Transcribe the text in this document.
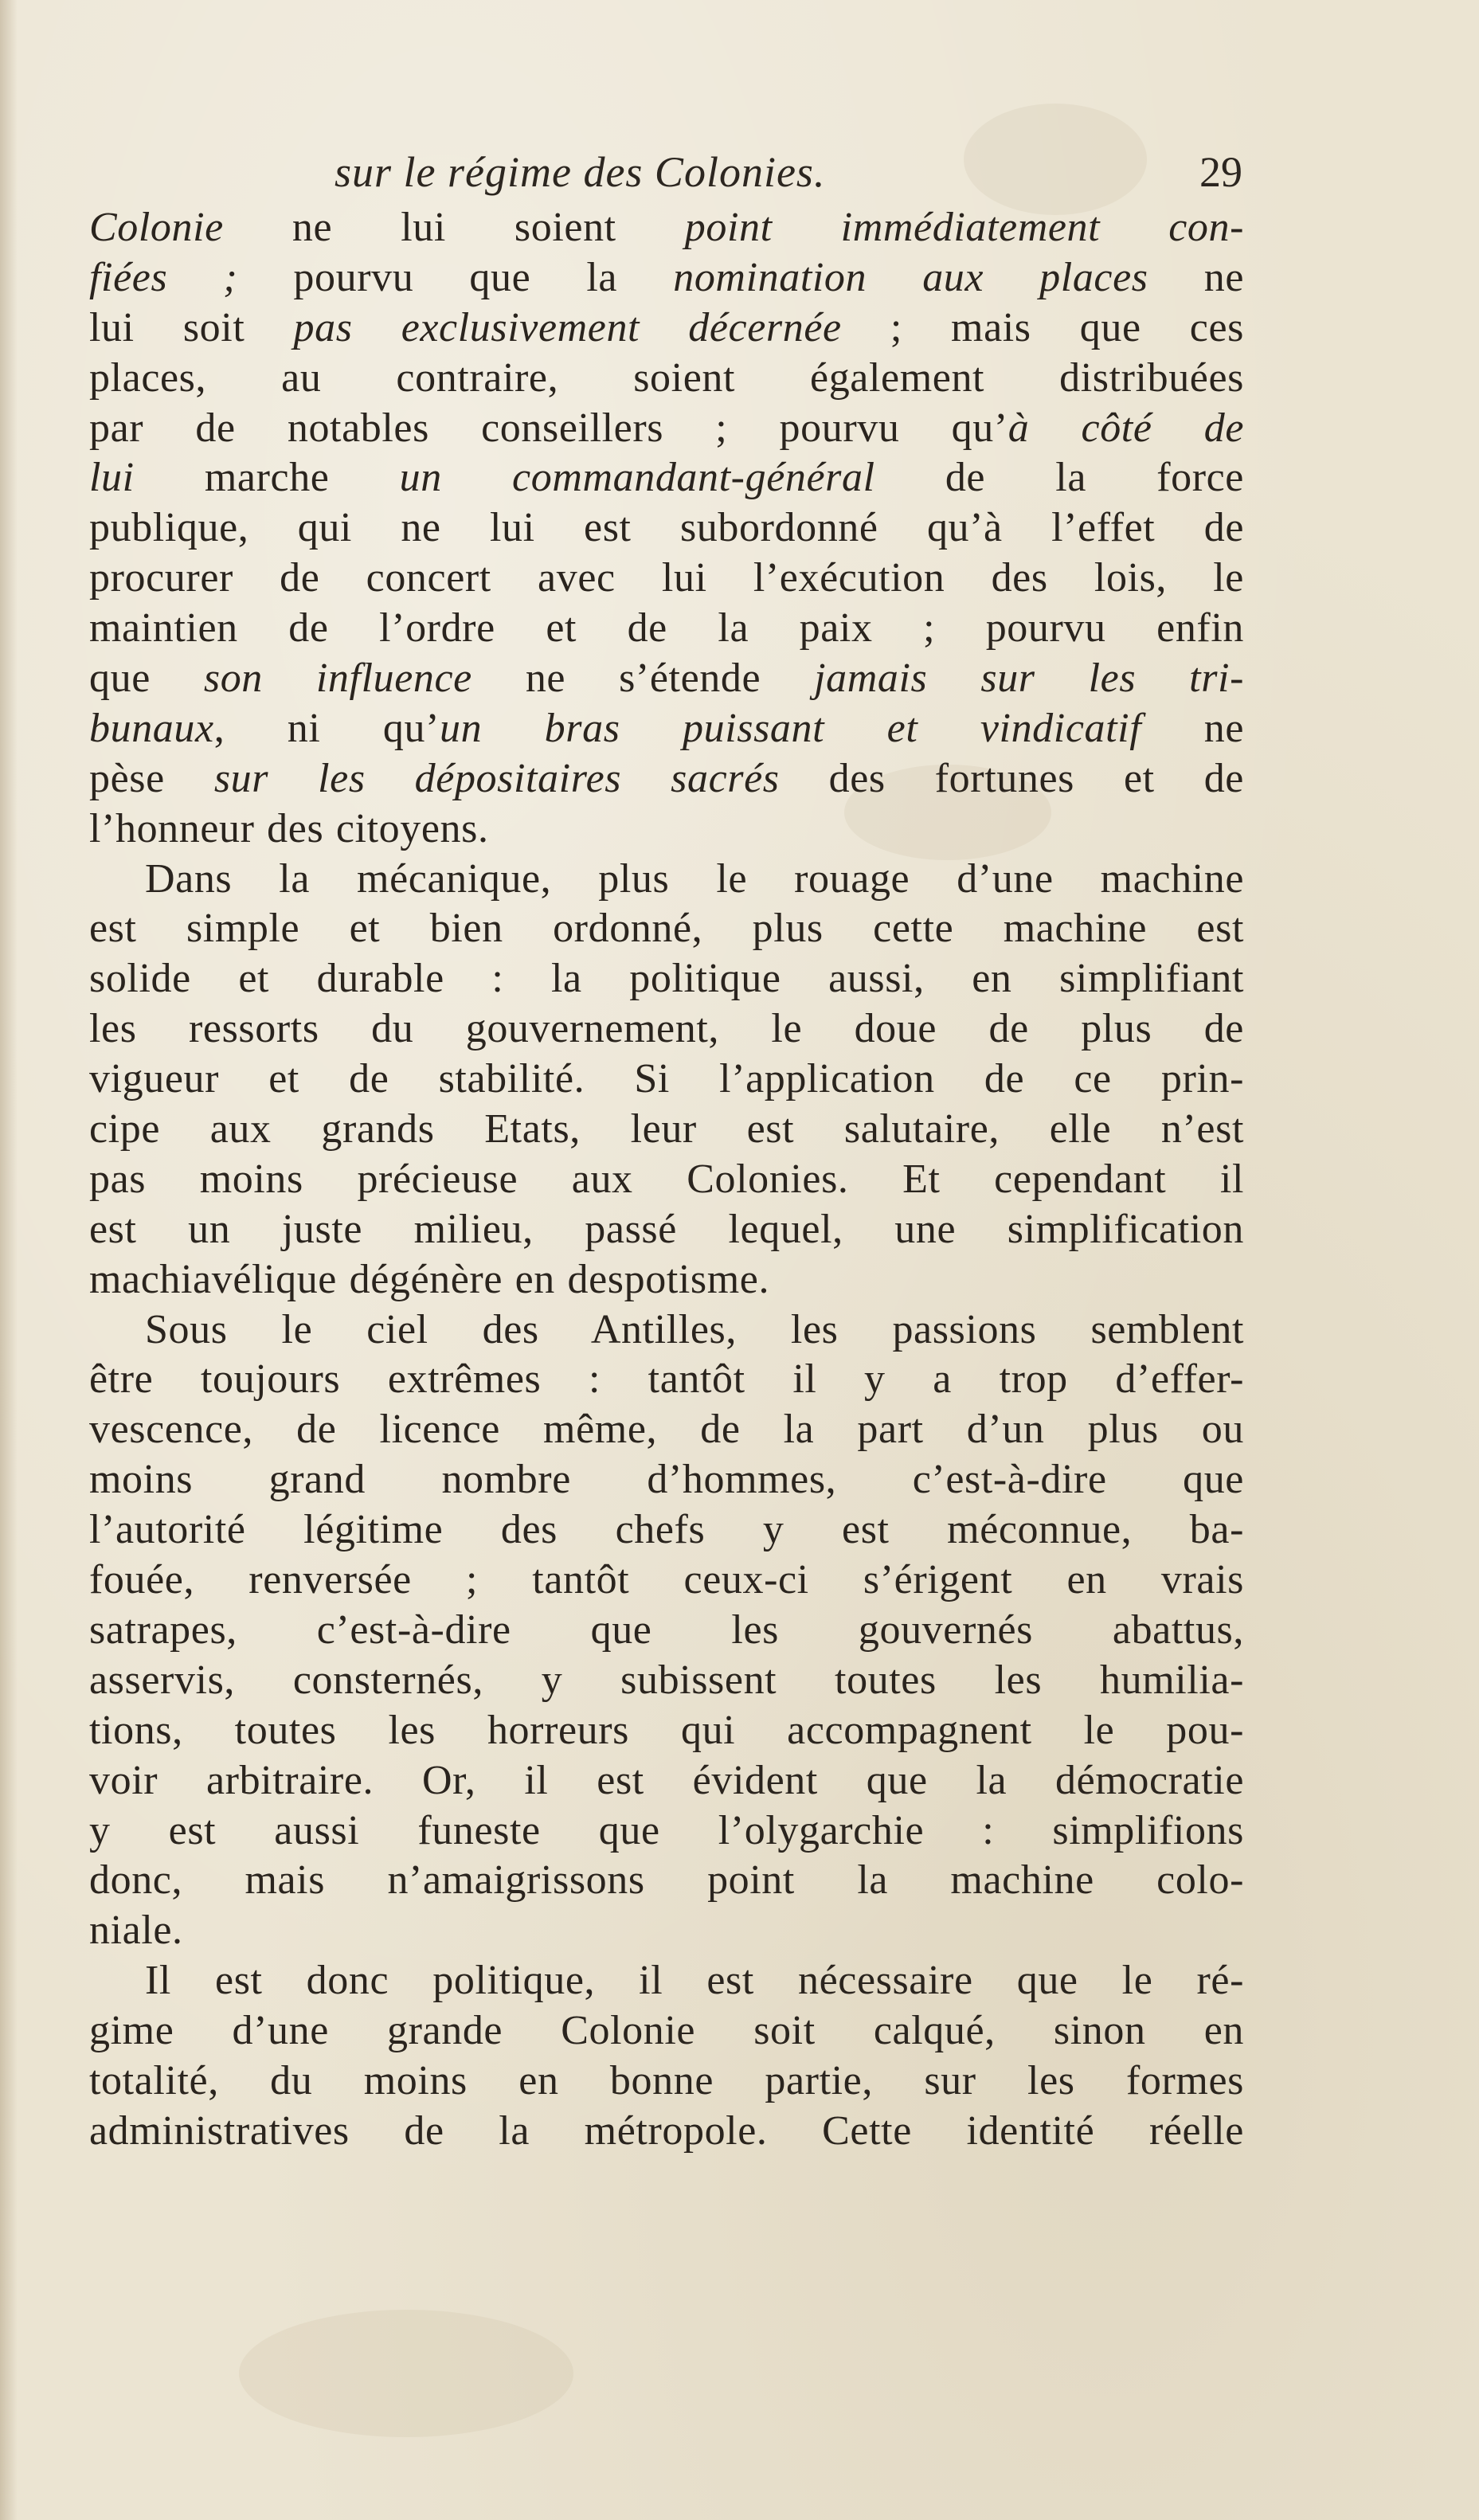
sur le régime des Colonies.	29
Colonie ne lui soient point immédiatement con-
fiées ; pourvu que la nomination aux places ne
lui soit pas exclusivement décernée ; mais que ces
places, au contraire, soient également distribuées
par de notables conseillers ; pourvu qu’à côté de
lui marche un commandant-général de la force
publique, qui ne lui est subordonné qu’à l’effet de
procurer de concert avec lui l’exécution des lois, le
maintien de l’ordre et de la paix ; pourvu enfin
que son influence ne s’étende jamais sur les tri-
bunaux, ni qu’un bras puissant et vindicatif ne
pèse sur les dépositaires sacrés des fortunes et de
l’honneur des citoyens.
Dans la mécanique, plus le rouage d’une machine
est simple et bien ordonné, plus cette machine est
solide et durable : la politique aussi, en simplifiant
les ressorts du gouvernement, le doue de plus de
vigueur et de stabilité. Si l’application de ce prin-
cipe aux grands Etats, leur est salutaire, elle n’est
pas moins précieuse aux Colonies. Et cependant il
est un juste milieu, passé lequel, une simplification
machiavélique dégénère en despotisme.
Sous le ciel des Antilles, les passions semblent
être toujours extrêmes : tantôt il y a trop d’effer-
vescence, de licence même, de la part d’un plus ou
moins grand nombre d’hommes, c’est-à-dire que
l’autorité légitime des chefs y est méconnue, ba-
fouée, renversée ; tantôt ceux-ci s’érigent en vrais
satrapes, c’est-à-dire que les gouvernés abattus,
asservis, consternés, y subissent toutes les humilia-
tions, toutes les horreurs qui accompagnent le pou-
voir arbitraire. Or, il est évident que la démocratie
y est aussi funeste que l’olygarchie : simplifions
donc, mais n’amaigrissons point la machine colo-
niale.
Il est donc politique, il est nécessaire que le ré-
gime d’une grande Colonie soit calqué, sinon en
totalité, du moins en bonne partie, sur les formes
administratives de la métropole. Cette identité réelle
